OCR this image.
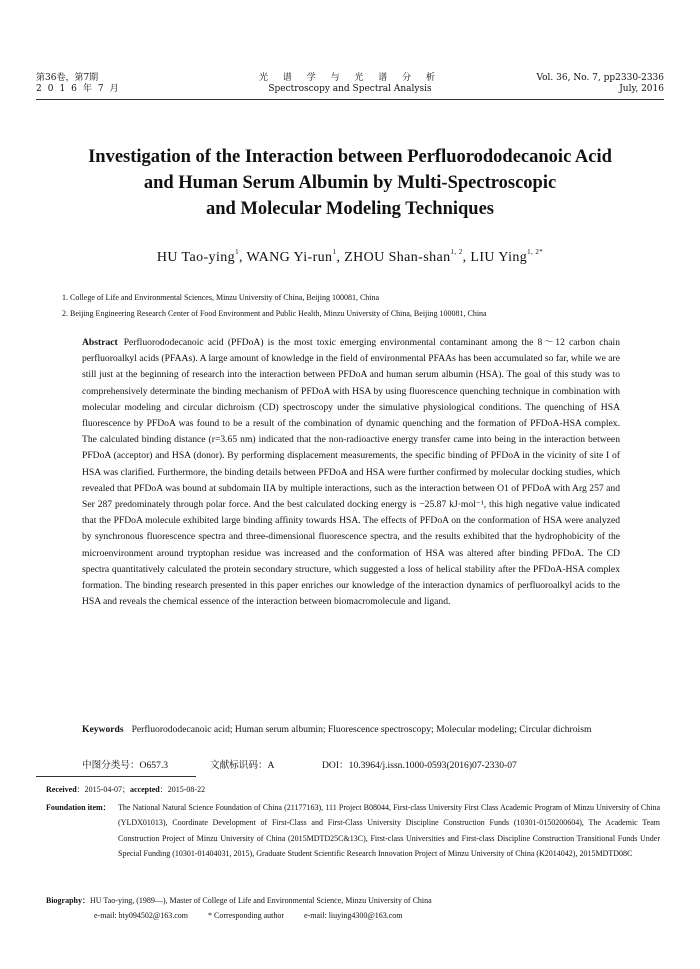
第36卷，第7期
2016年7月
光 谱 学 与 光 谱 分 析
Spectroscopy and Spectral Analysis
Vol. 36, No. 7, pp2330-2336
July, 2016
Investigation of the Interaction between Perfluorododecanoic Acid
and Human Serum Albumin by Multi-Spectroscopic
and Molecular Modeling Techniques
HU Tao-ying$^1$, WANG Yi-run$^1$, ZHOU Shan-shan$^{1, 2}$, LIU Ying$^{1, 2*}$
1. College of Life and Environmental Sciences, Minzu University of China, Beijing 100081, China
2. Beijing Engineering Research Center of Food Environment and Public Health, Minzu University of China, Beijing 100081, China
Abstract Perfluorododecanoic acid (PFDoA) is the most toxic emerging environmental contaminant among the 8～12 carbon chain perfluoroalkyl acids (PFAAs). A large amount of knowledge in the field of environmental PFAAs has been accumulated so far, while we are still just at the beginning of research into the interaction between PFDoA and human serum albumin (HSA). The goal of this study was to comprehensively determinate the binding mechanism of PFDoA with HSA by using fluorescence quenching technique in combination with molecular modeling and circular dichroism (CD) spectroscopy under the simulative physiological conditions. The quenching of HSA fluorescence by PFDoA was found to be a result of the combination of dynamic quenching and the formation of PFDoA-HSA complex. The calculated binding distance (r=3.65 nm) indicated that the non-radioactive energy transfer came into being in the interaction between PFDoA (acceptor) and HSA (donor). By performing displacement measurements, the specific binding of PFDoA in the vicinity of site I of HSA was clarified. Furthermore, the binding details between PFDoA and HSA were further confirmed by molecular docking studies, which revealed that PFDoA was bound at subdomain IIA by multiple interactions, such as the interaction between O1 of PFDoA with Arg 257 and Ser 287 predominately through polar force. And the best calculated docking energy is −25.87 kJ·mol⁻¹, this high negative value indicated that the PFDoA molecule exhibited large binding affinity towards HSA. The effects of PFDoA on the conformation of HSA were analyzed by synchronous fluorescence spectra and three-dimensional fluorescence spectra, and the results exhibited that the hydrophobicity of the microenvironment around tryptophan residue was increased and the conformation of HSA was altered after binding PFDoA. The CD spectra quantitatively calculated the protein secondary structure, which suggested a loss of helical stability after the PFDoA-HSA complex formation. The binding research presented in this paper enriches our knowledge of the interaction dynamics of perfluoroalkyl acids to the HSA and reveals the chemical essence of the interaction between biomacromolecule and ligand.
Keywords Perfluorododecanoic acid; Human serum albumin; Fluorescence spectroscopy; Molecular modeling; Circular dichroism
中图分类号：O657.3	文献标识码：A	DOI：10.3964/j.issn.1000-0593(2016)07-2330-07
Received：2015-04-07；accepted：2015-08-22
Foundation item： The National Natural Science Foundation of China (21177163), 111 Project B08044, First-class University First Class Academic Program of Minzu University of China (YLDX01013), Coordinate Development of First-Class and First-Class University Discipline Construction Funds (10301-0150200604), The Academic Team Construction Project of Minzu University of China (2015MDTD25C&13C), First-class Universities and First-class Discipline Construction Transitional Funds Under Special Funding (10301-01404031, 2015), Graduate Student Scientific Research Innovation Project of Minzu University of China (K2014042), 2015MDTD08C
Biography：HU Tao-ying, (1989—), Master of College of Life and Environmental Science, Minzu University of China
e-mail: hty094502@163.com	* Corresponding author	e-mail: liuying4300@163.com
